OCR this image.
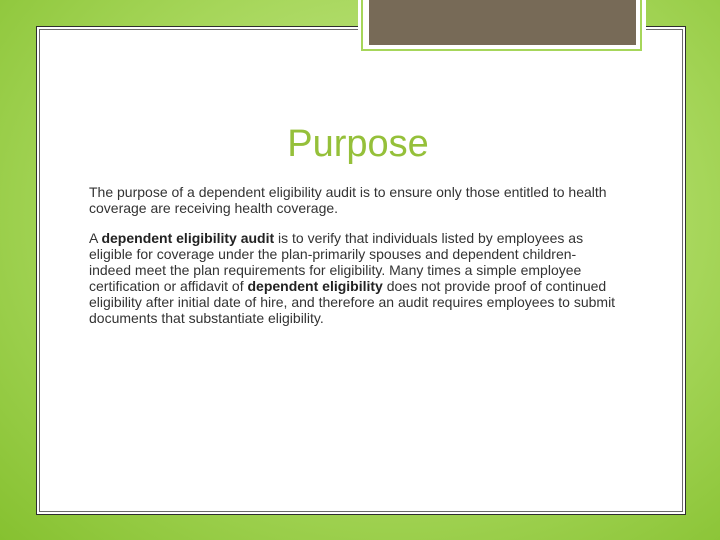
Purpose

The purpose of a dependent eligibility audit is to ensure only those entitled to health coverage are receiving health coverage.

A dependent eligibility audit is to verify that individuals listed by employees as eligible for coverage under the plan-primarily spouses and dependent children-indeed meet the plan requirements for eligibility. Many times a simple employee certification or affidavit of dependent eligibility does not provide proof of continued eligibility after initial date of hire, and therefore an audit requires employees to submit documents that substantiate eligibility.
